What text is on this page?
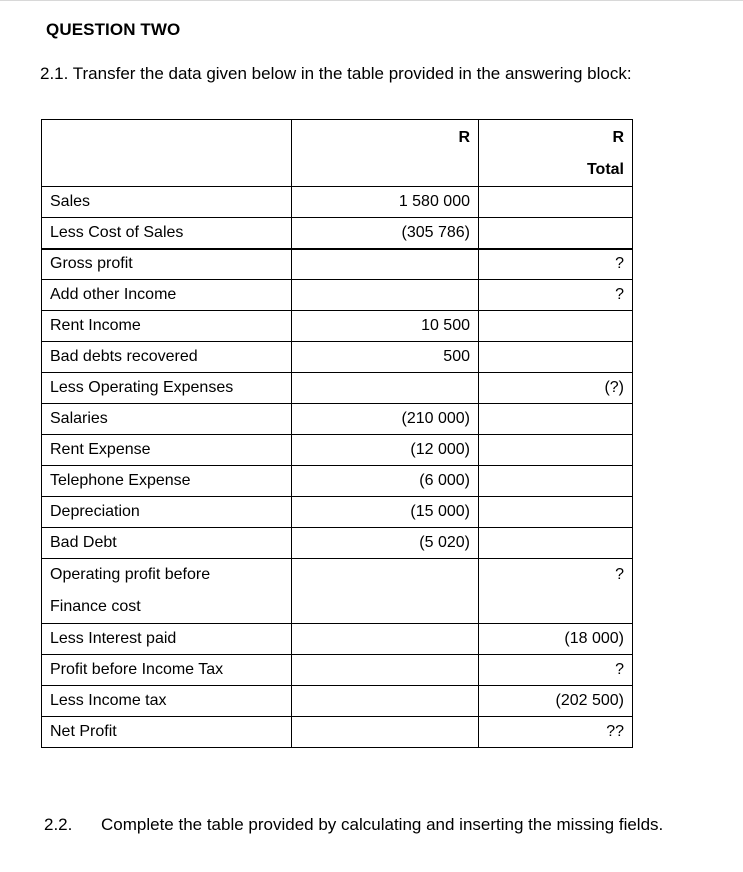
QUESTION TWO
2.1. Transfer the data given below in the table provided in the answering block:

	R	R
Total

Sales	1 580 000	
Less Cost of Sales	(305 786)	
Gross profit		?
Add other Income		?
Rent Income	10 500	
Bad debts recovered	500	
Less Operating Expenses		(?)
Salaries	(210 000)	
Rent Expense	(12 000)	
Telephone Expense	(6 000)	
Depreciation	(15 000)	
Bad Debt	(5 020)	

Operating profit before
Finance cost		?
Less Interest paid		(18 000)
Profit before Income Tax		?
Less Income tax		(202 500)
Net Profit		??
2.2. Complete the table provided by calculating and inserting the missing fields.
